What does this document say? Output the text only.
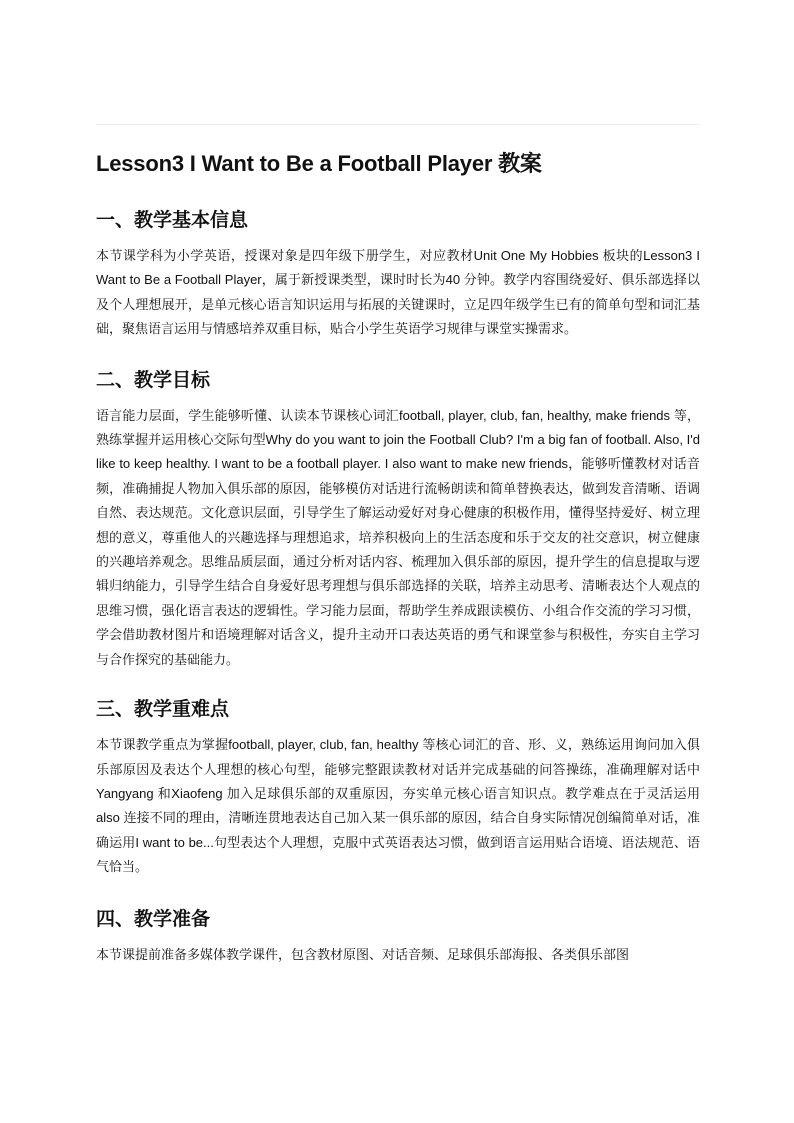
Lesson3 I Want to Be a Football Player 教案
一、教学基本信息

本节课学科为小学英语，授课对象是四年级下册学生，对应教材Unit One My Hobbies 板块的Lesson3 I Want to Be a Football Player，属于新授课类型，课时时长为40 分钟。教学内容围绕爱好、俱乐部选择以及个人理想展开，是单元核心语言知识运用与拓展的关键课时，立足四年级学生已有的简单句型和词汇基础，聚焦语言运用与情感培养双重目标，贴合小学生英语学习规律与课堂实操需求。

二、教学目标

语言能力层面，学生能够听懂、认读本节课核心词汇football, player, club, fan, healthy, make friends 等，熟练掌握并运用核心交际句型Why do you want to join the Football Club? I'm a big fan of football. Also, I'd like to keep healthy. I want to be a football player. I also want to make new friends，能够听懂教材对话音频，准确捕捉人物加入俱乐部的原因，能够模仿对话进行流畅朗读和简单替换表达，做到发音清晰、语调自然、表达规范。文化意识层面，引导学生了解运动爱好对身心健康的积极作用，懂得坚持爱好、树立理想的意义，尊重他人的兴趣选择与理想追求，培养积极向上的生活态度和乐于交友的社交意识，树立健康的兴趣培养观念。思维品质层面，通过分析对话内容、梳理加入俱乐部的原因，提升学生的信息提取与逻辑归纳能力，引导学生结合自身爱好思考理想与俱乐部选择的关联，培养主动思考、清晰表达个人观点的思维习惯，强化语言表达的逻辑性。学习能力层面，帮助学生养成跟读模仿、小组合作交流的学习习惯，学会借助教材图片和语境理解对话含义，提升主动开口表达英语的勇气和课堂参与积极性，夯实自主学习与合作探究的基础能力。

三、教学重难点

本节课教学重点为掌握football, player, club, fan, healthy 等核心词汇的音、形、义，熟练运用询问加入俱乐部原因及表达个人理想的核心句型，能够完整跟读教材对话并完成基础的问答操练，准确理解对话中Yangyang 和Xiaofeng 加入足球俱乐部的双重原因，夯实单元核心语言知识点。教学难点在于灵活运用also 连接不同的理由，清晰连贯地表达自己加入某一俱乐部的原因，结合自身实际情况创编简单对话，准确运用I want to be...句型表达个人理想，克服中式英语表达习惯，做到语言运用贴合语境、语法规范、语气恰当。

四、教学准备

本节课提前准备多媒体教学课件，包含教材原图、对话音频、足球俱乐部海报、各类俱乐部图
